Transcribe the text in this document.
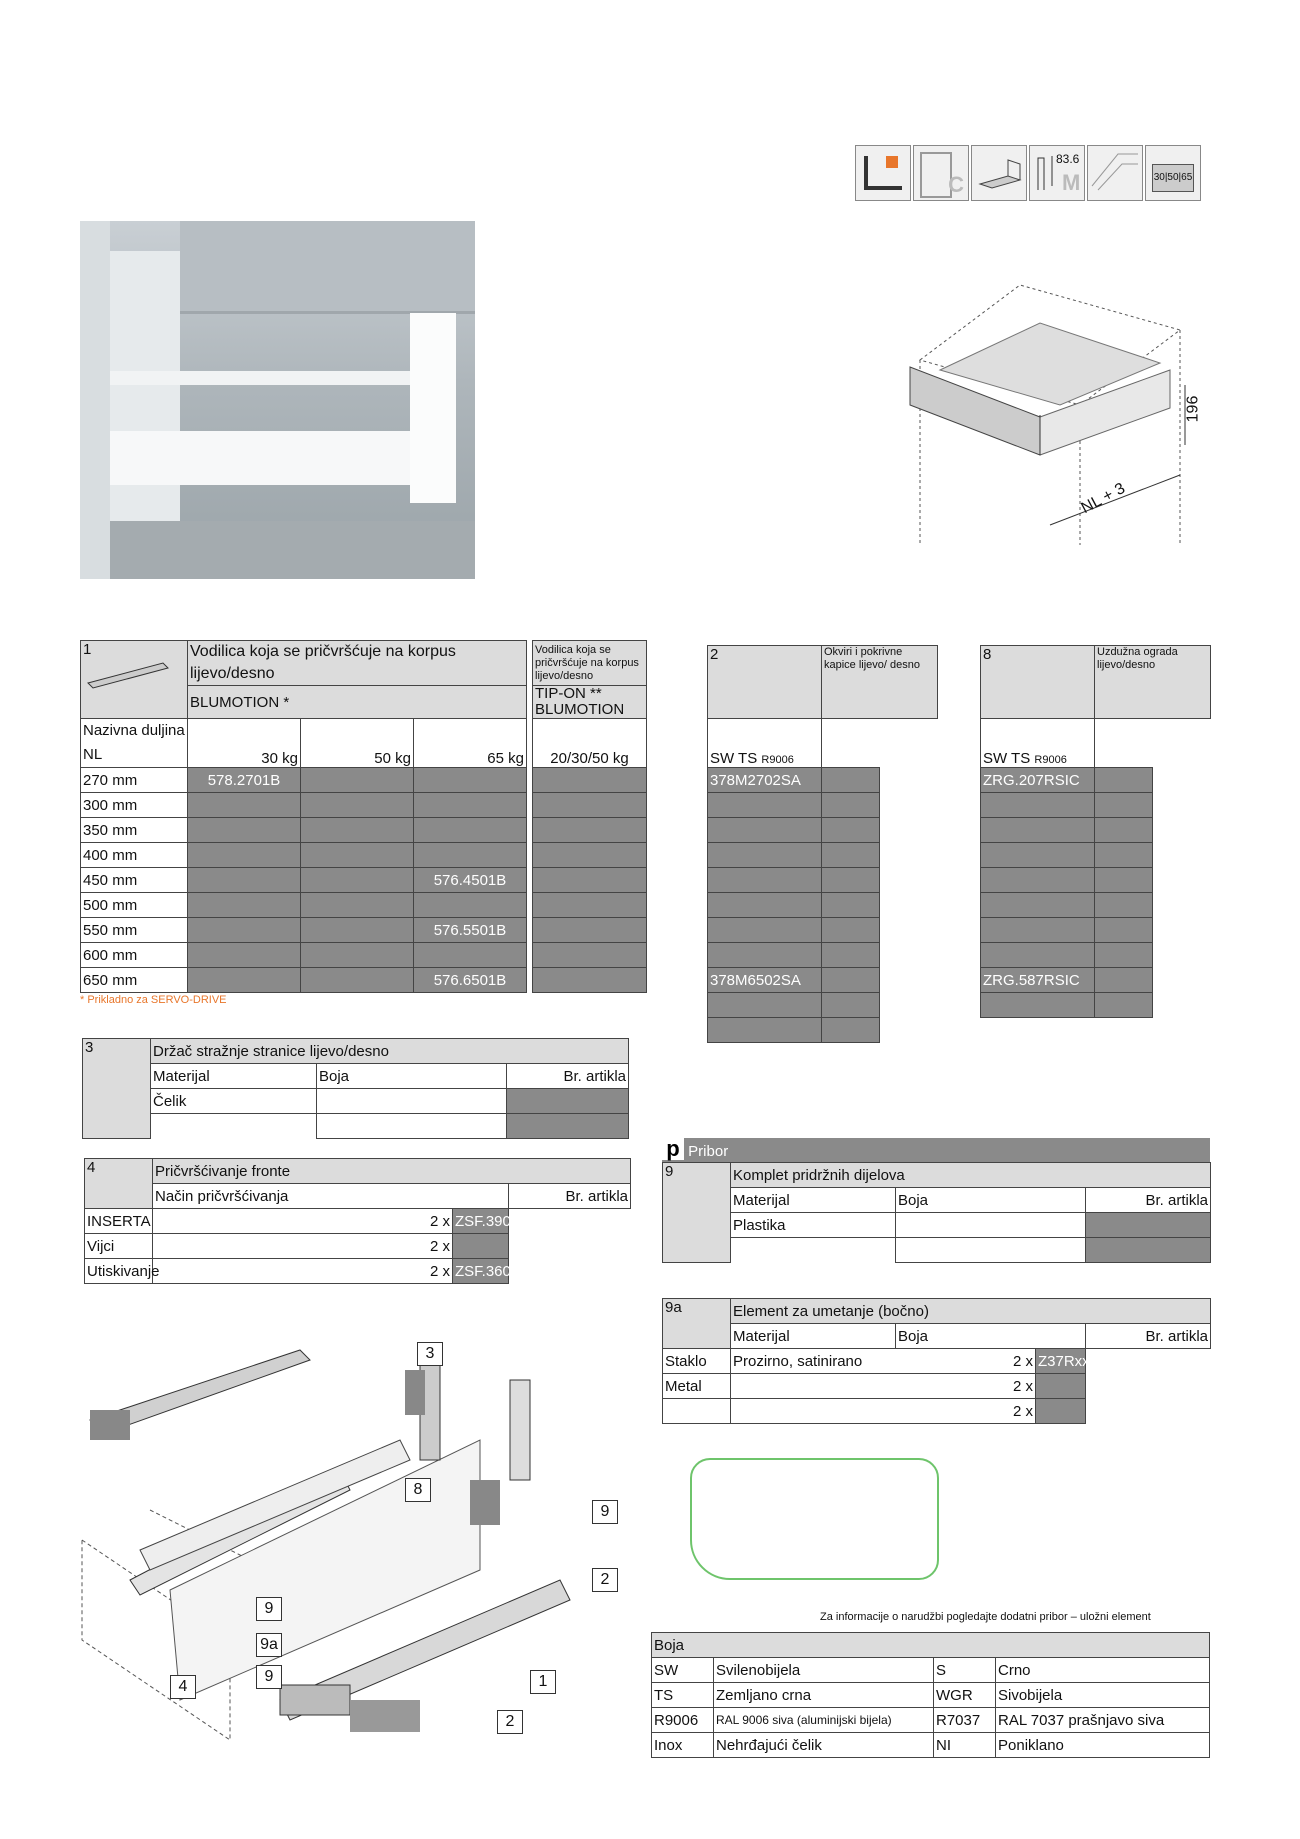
C
83.6
M	30|50|65
196
NL + 3
1	Vodilica koja se pričvršćuje na korpus lijevo/desno				Vodilica koja se pričvršćuje na korpus lijevo/desno
	BLUMOTION *				TIP-ON ** BLUMOTION
Nazivna duljina NL	30 kg	50 kg	65 kg		20/30/50 kg
270 mm	578.2701B				
300 mm					
350 mm					
400 mm					
450 mm			576.4501B		
500 mm					
550 mm			576.5501B		
600 mm					
650 mm			576.6501B		
* Prikladno za SERVO-DRIVE
2	Okviri i pokrivne kapice lijevo/ desno	
SW TS R9006		
378M2702SA		

378M6502SA		

8	Uzdužna ograda lijevo/desno	
SW TS R9006		
ZRG.207RSIC		

ZRG.587RSIC		

3	Držač stražnje stranice lijevo/desno		
	Materijal	Boja	Br. artikla
	Čelik		

4	Pričvršćivanje fronte		
	Način pričvršćivanja		Br. artikla
INSERTA	2 x	ZSF.3902	
Vijci	2 x		
Utiskivanje	2 x	ZSF.3602	
p Pribor
9	Komplet pridržnih dijelova		
	Materijal	Boja	Br. artikla
	Plastika		

9a	Element za umetanje (bočno)			
	Materijal	Boja		Br. artikla
Staklo	Prozirno, satinirano	2 x	Z37Rxx7C	
Metal		2 x		
		2 x		
Za informacije o narudžbi pogledajte dodatni pribor – uložni element
Boja			
SW	Svilenobijela	S	Crno
TS	Zemljano crna	WGR	Sivobijela
R9006	RAL 9006 siva (aluminijski bijela)	R7037	RAL 7037 prašnjavo siva
Inox	Nehrđajući čelik	NI	Poniklano
3
8
9
2
9
9a
9
4	1
2
